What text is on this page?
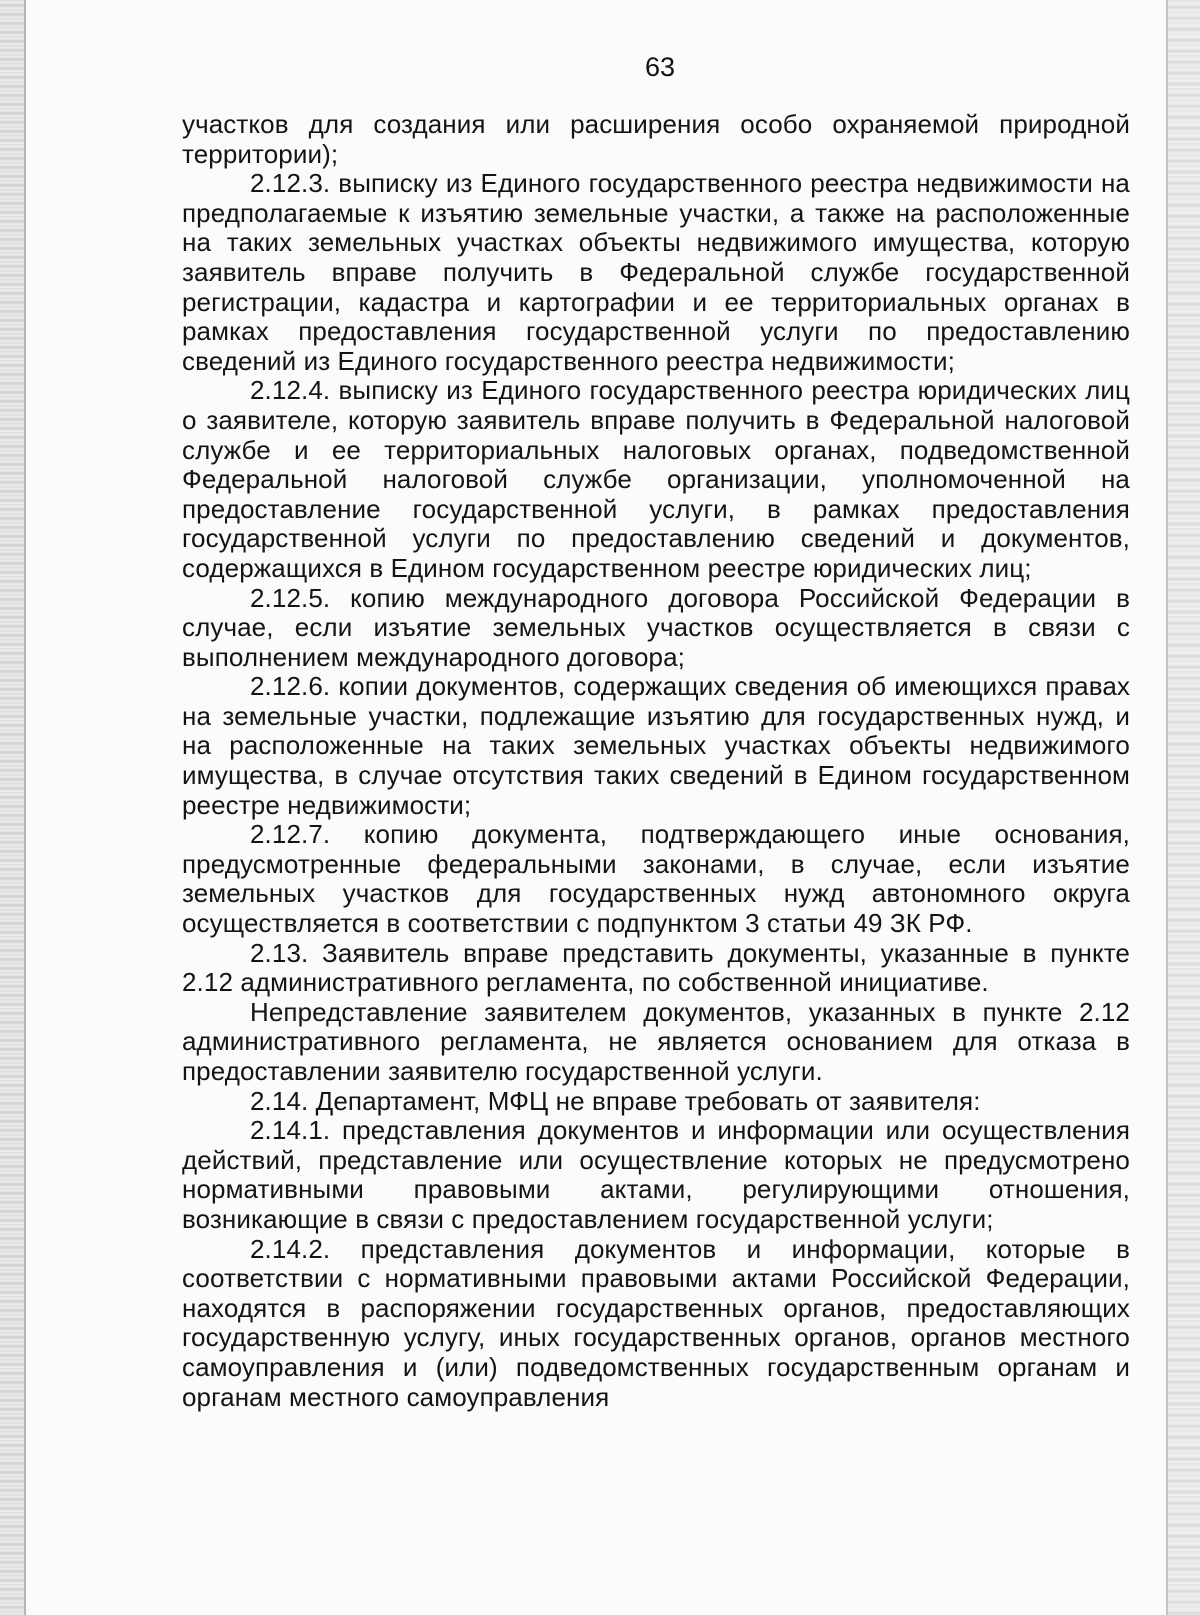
63

участков для создания или расширения особо охраняемой природной территории);

2.12.3. выписку из Единого государственного реестра недвижимости на предполагаемые к изъятию земельные участки, а также на расположенные на таких земельных участках объекты недвижимого имущества, которую заявитель вправе получить в Федеральной службе государственной регистрации, кадастра и картографии и ее территориальных органах в рамках предоставления государственной услуги по предоставлению сведений из Единого государственного реестра недвижимости;

2.12.4. выписку из Единого государственного реестра юридических лиц о заявителе, которую заявитель вправе получить в Федеральной налоговой службе и ее территориальных налоговых органах, подведомственной Федеральной налоговой службе организации, уполномоченной на предоставление государственной услуги, в рамках предоставления государственной услуги по предоставлению сведений и документов, содержащихся в Едином государственном реестре юридических лиц;

2.12.5. копию международного договора Российской Федерации в случае, если изъятие земельных участков осуществляется в связи с выполнением международного договора;

2.12.6. копии документов, содержащих сведения об имеющихся правах на земельные участки, подлежащие изъятию для государственных нужд, и на расположенные на таких земельных участках объекты недвижимого имущества, в случае отсутствия таких сведений в Едином государственном реестре недвижимости;

2.12.7. копию документа, подтверждающего иные основания, предусмотренные федеральными законами, в случае, если изъятие земельных участков для государственных нужд автономного округа осуществляется в соответствии с подпунктом 3 статьи 49 ЗК РФ.

2.13. Заявитель вправе представить документы, указанные в пункте 2.12 административного регламента, по собственной инициативе.

Непредставление заявителем документов, указанных в пункте 2.12 административного регламента, не является основанием для отказа в предоставлении заявителю государственной услуги.

2.14. Департамент, МФЦ не вправе требовать от заявителя:

2.14.1. представления документов и информации или осуществления действий, представление или осуществление которых не предусмотрено нормативными правовыми актами, регулирующими отношения, возникающие в связи с предоставлением государственной услуги;

2.14.2. представления документов и информации, которые в соответствии с нормативными правовыми актами Российской Федерации, находятся в распоряжении государственных органов, предоставляющих государственную услугу, иных государственных органов, органов местного самоуправления и (или) подведомственных государственным органам и органам местного самоуправления
